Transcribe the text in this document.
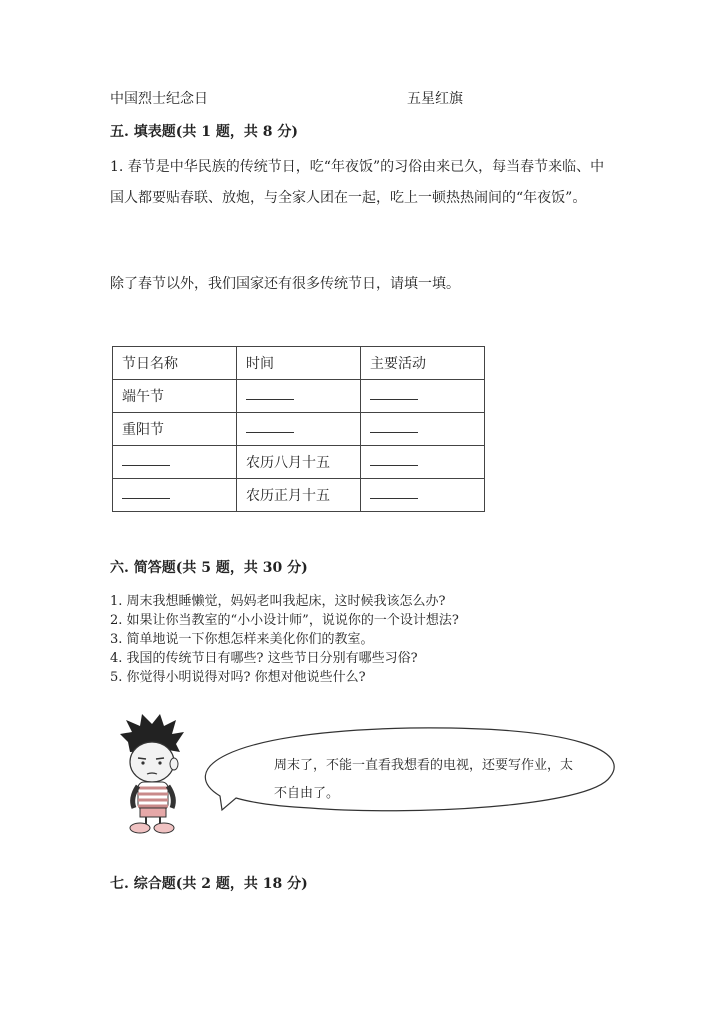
中国烈士纪念日	五星红旗
五. 填表题(共 1 题，共 8 分)
1. 春节是中华民族的传统节日，吃“年夜饭”的习俗由来已久，每当春节来临、中国人都要贴春联、放炮，与全家人团在一起，吃上一顿热热闹间的“年夜饭”。
除了春节以外，我们国家还有很多传统节日，请填一填。
节日名称	时间	主要活动
端午节		
重阳节		
	农历八月十五	
	农历正月十五	
六. 简答题(共 5 题，共 30 分)
1. 周末我想睡懒觉，妈妈老叫我起床，这时候我该怎么办?
2. 如果让你当教室的“小小设计师”，说说你的一个设计想法?
3. 简单地说一下你想怎样来美化你们的教室。
4. 我国的传统节日有哪些? 这些节日分别有哪些习俗?
5. 你觉得小明说得对吗? 你想对他说些什么?
周末了，不能一直看我想看的电视，还要写作业，太不自由了。
七. 综合题(共 2 题，共 18 分)
